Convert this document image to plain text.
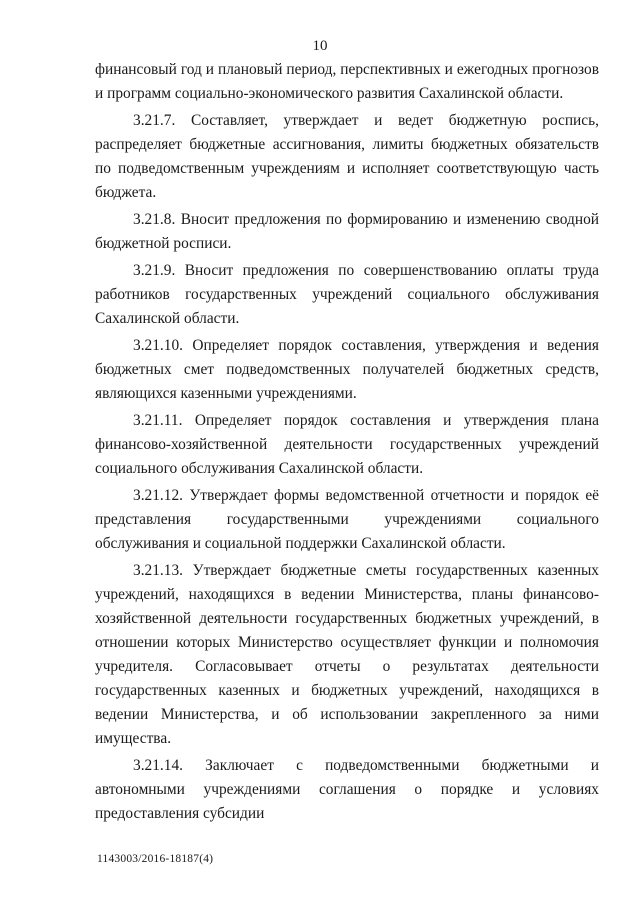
10

финансовый год и плановый период, перспективных и ежегодных прогнозов и программ социально-экономического развития Сахалинской области.

3.21.7. Составляет, утверждает и ведет бюджетную роспись, распределяет бюджетные ассигнования, лимиты бюджетных обязательств по подведомственным учреждениям и исполняет соответствующую часть бюджета.

3.21.8. Вносит предложения по формированию и изменению сводной бюджетной росписи.

3.21.9. Вносит предложения по совершенствованию оплаты труда работников государственных учреждений социального обслуживания Сахалинской области.

3.21.10. Определяет порядок составления, утверждения и ведения бюджетных смет подведомственных получателей бюджетных средств, являющихся казенными учреждениями.

3.21.11. Определяет порядок составления и утверждения плана финансово-хозяйственной деятельности государственных учреждений социального обслуживания Сахалинской области.

3.21.12. Утверждает формы ведомственной отчетности и порядок её представления государственными учреждениями социального обслуживания и социальной поддержки Сахалинской области.

3.21.13. Утверждает бюджетные сметы государственных казенных учреждений, находящихся в ведении Министерства, планы финансово-хозяйственной деятельности государственных бюджетных учреждений, в отношении которых Министерство осуществляет функции и полномочия учредителя. Согласовывает отчеты о результатах деятельности государственных казенных и бюджетных учреждений, находящихся в ведении Министерства, и об использовании закрепленного за ними имущества.

3.21.14. Заключает с подведомственными бюджетными и автономными учреждениями соглашения о порядке и условиях предоставления субсидии

1143003/2016-18187(4)
